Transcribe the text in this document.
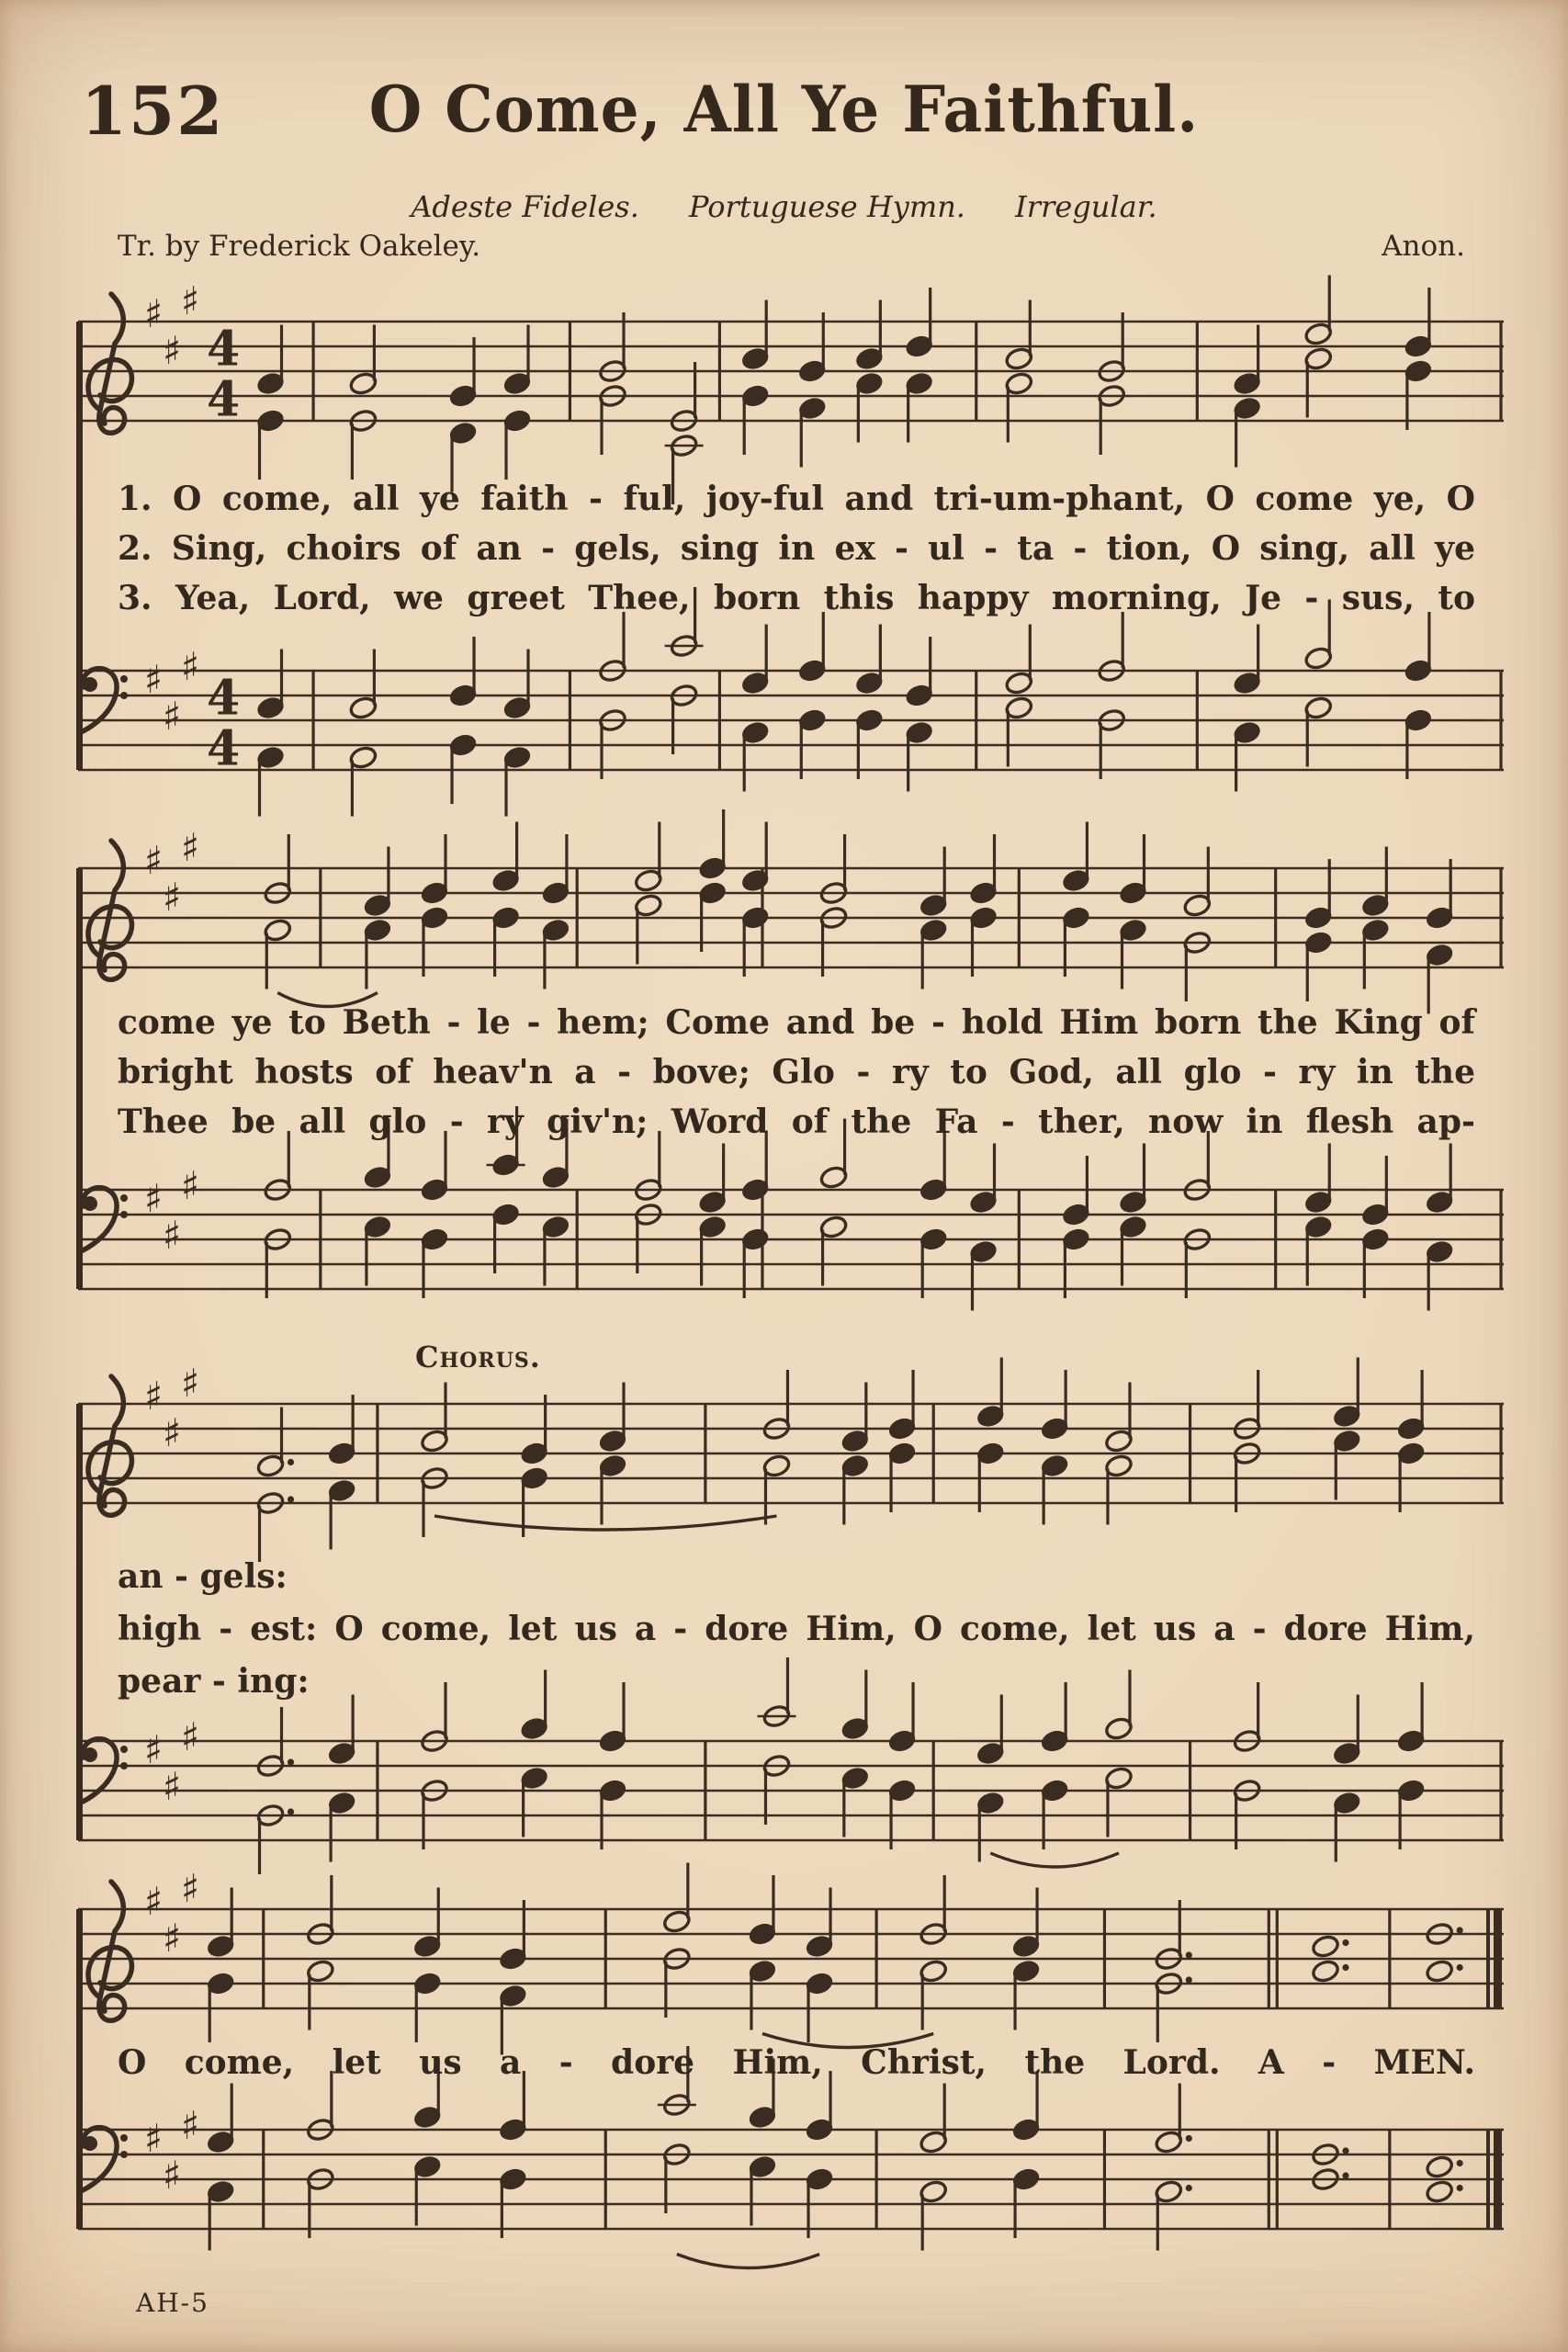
152	O Come, All Ye Faithful.
Adeste Fideles. Portuguese Hymn. Irregular.
Tr. by Frederick Oakeley.	Anon.
♯
♯
♯
4
4
♯
♯
♯
4
4
♯
♯
♯
♯
♯
♯
♯
♯
♯
♯
♯
♯
♯
♯
♯
♯
♯
♯
Chorus.
1. O come, all ye faith - ful, joy-ful and tri-um-phant, O come ye, O
2. Sing, choirs of an - gels, sing in ex - ul - ta - tion, O sing, all ye
3. Yea, Lord, we greet Thee, born this happy morning, Je - sus, to
come ye to Beth - le - hem; Come and be - hold Him born the King of
bright hosts of heav'n a - bove; Glo - ry to God, all glo - ry in the
Thee be all glo - ry giv'n; Word of the Fa - ther, now in flesh ap-
an - gels:
high - est: O come, let us a - dore Him, O come, let us a - dore Him,
pear - ing:
O come, let us a - dore Him, Christ, the Lord. A - MEN.
AH-5
